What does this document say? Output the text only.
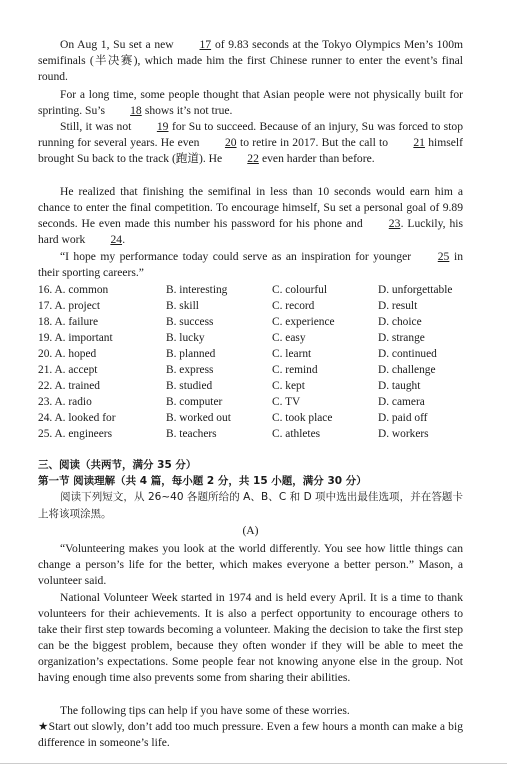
On Aug 1, Su set a new 17 of 9.83 seconds at the Tokyo Olympics Men’s 100m semifinals (半决赛), which made him the first Chinese runner to enter the event’s final round.

For a long time, some people thought that Asian people were not physically built for sprinting. Su’s 18 shows it’s not true.

Still, it was not 19 for Su to succeed. Because of an injury, Su was forced to stop running for several years. He even 20 to retire in 2017. But the call to 21 himself brought Su back to the track (跑道). He 22 even harder than before.

He realized that finishing the semifinal in less than 10 seconds would earn him a chance to enter the final competition. To encourage himself, Su set a personal goal of 9.89 seconds. He even made this number his password for his phone and 23. Luckily, his hard work 24.

“I hope my performance today could serve as an inspiration for younger 25 in their sporting careers.”

16. A. common	B. interesting	C. colourful	D. unforgettable
17. A. project	B. skill	C. record	D. result
18. A. failure	B. success	C. experience	D. choice
19. A. important	B. lucky	C. easy	D. strange
20. A. hoped	B. planned	C. learnt	D. continued
21. A. accept	B. express	C. remind	D. challenge
22. A. trained	B. studied	C. kept	D. taught
23. A. radio	B. computer	C. TV	D. camera
24. A. looked for	B. worked out	C. took place	D. paid off
25. A. engineers	B. teachers	C. athletes	D. workers

三、阅读（共两节，满分 35 分）

第一节 阅读理解（共 4 篇，每小题 2 分，共 15 小题，满分 30 分）

阅读下列短文，从 26~40 各题所给的 A、B、C 和 D 项中选出最佳选项，并在答题卡上将该项涂黑。

(A)

“Volunteering makes you look at the world differently. You see how little things can change a person’s life for the better, which makes everyone a better person.” Mason, a volunteer said.

National Volunteer Week started in 1974 and is held every April. It is a time to thank volunteers for their achievements. It is also a perfect opportunity to encourage others to take their first step towards becoming a volunteer. Making the decision to take the first step can be the biggest problem, because they often wonder if they will be able to meet the organization’s expectations. Some people fear not knowing anyone else in the group. Not having enough time also prevents some from sharing their abilities.

The following tips can help if you have some of these worries.

★Start out slowly, don’t add too much pressure. Even a few hours a month can make a big difference in someone’s life.
